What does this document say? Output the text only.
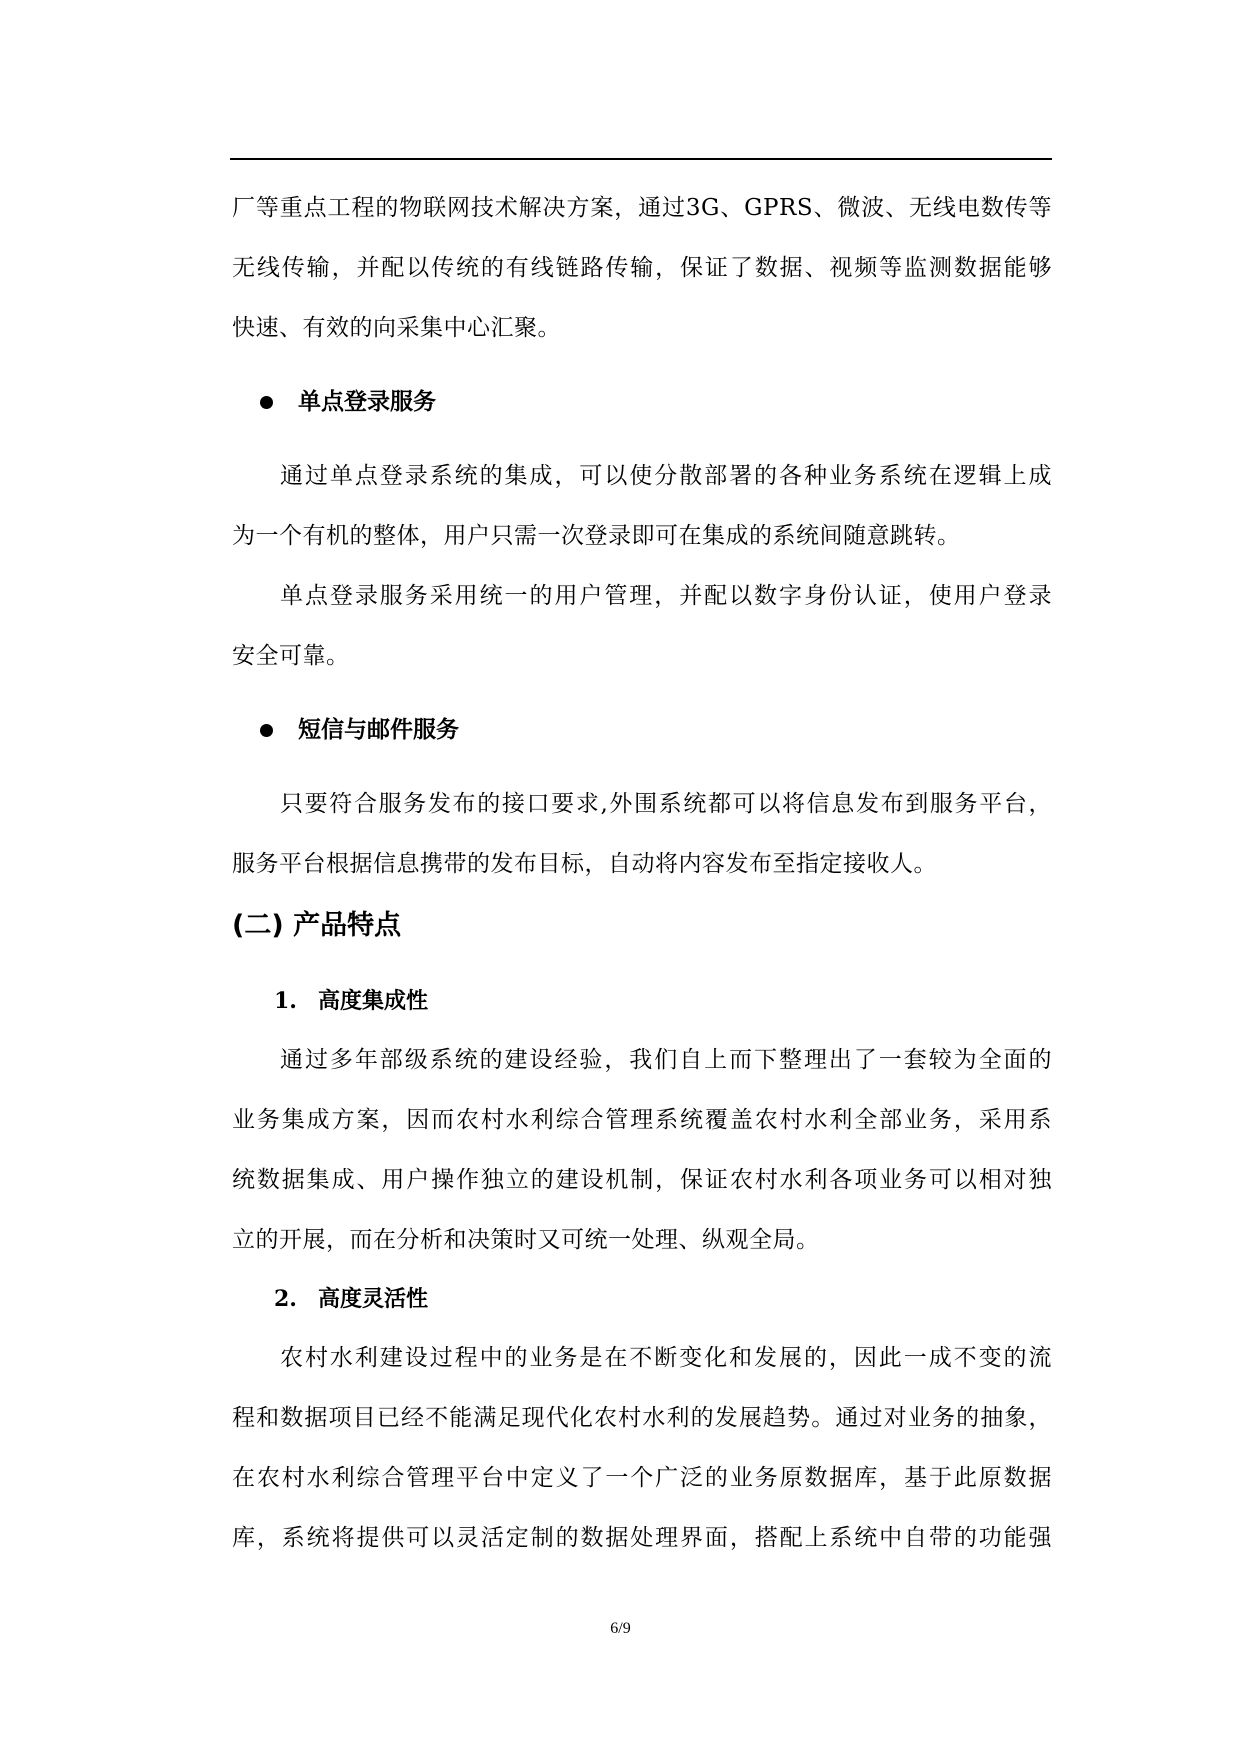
厂等重点工程的物联网技术解决方案，通过3G、GPRS、微波、无线电数传等
无线传输，并配以传统的有线链路传输，保证了数据、视频等监测数据能够
快速、有效的向采集中心汇聚。
单点登录服务
通过单点登录系统的集成，可以使分散部署的各种业务系统在逻辑上成
为一个有机的整体，用户只需一次登录即可在集成的系统间随意跳转。
单点登录服务采用统一的用户管理，并配以数字身份认证，使用户登录
安全可靠。
短信与邮件服务
只要符合服务发布的接口要求,外围系统都可以将信息发布到服务平台，
服务平台根据信息携带的发布目标，自动将内容发布至指定接收人。
(二) 产品特点
1. 高度集成性
通过多年部级系统的建设经验，我们自上而下整理出了一套较为全面的
业务集成方案，因而农村水利综合管理系统覆盖农村水利全部业务，采用系
统数据集成、用户操作独立的建设机制，保证农村水利各项业务可以相对独
立的开展，而在分析和决策时又可统一处理、纵观全局。
2. 高度灵活性
农村水利建设过程中的业务是在不断变化和发展的，因此一成不变的流
程和数据项目已经不能满足现代化农村水利的发展趋势。通过对业务的抽象，
在农村水利综合管理平台中定义了一个广泛的业务原数据库，基于此原数据
库，系统将提供可以灵活定制的数据处理界面，搭配上系统中自带的功能强
6/9
